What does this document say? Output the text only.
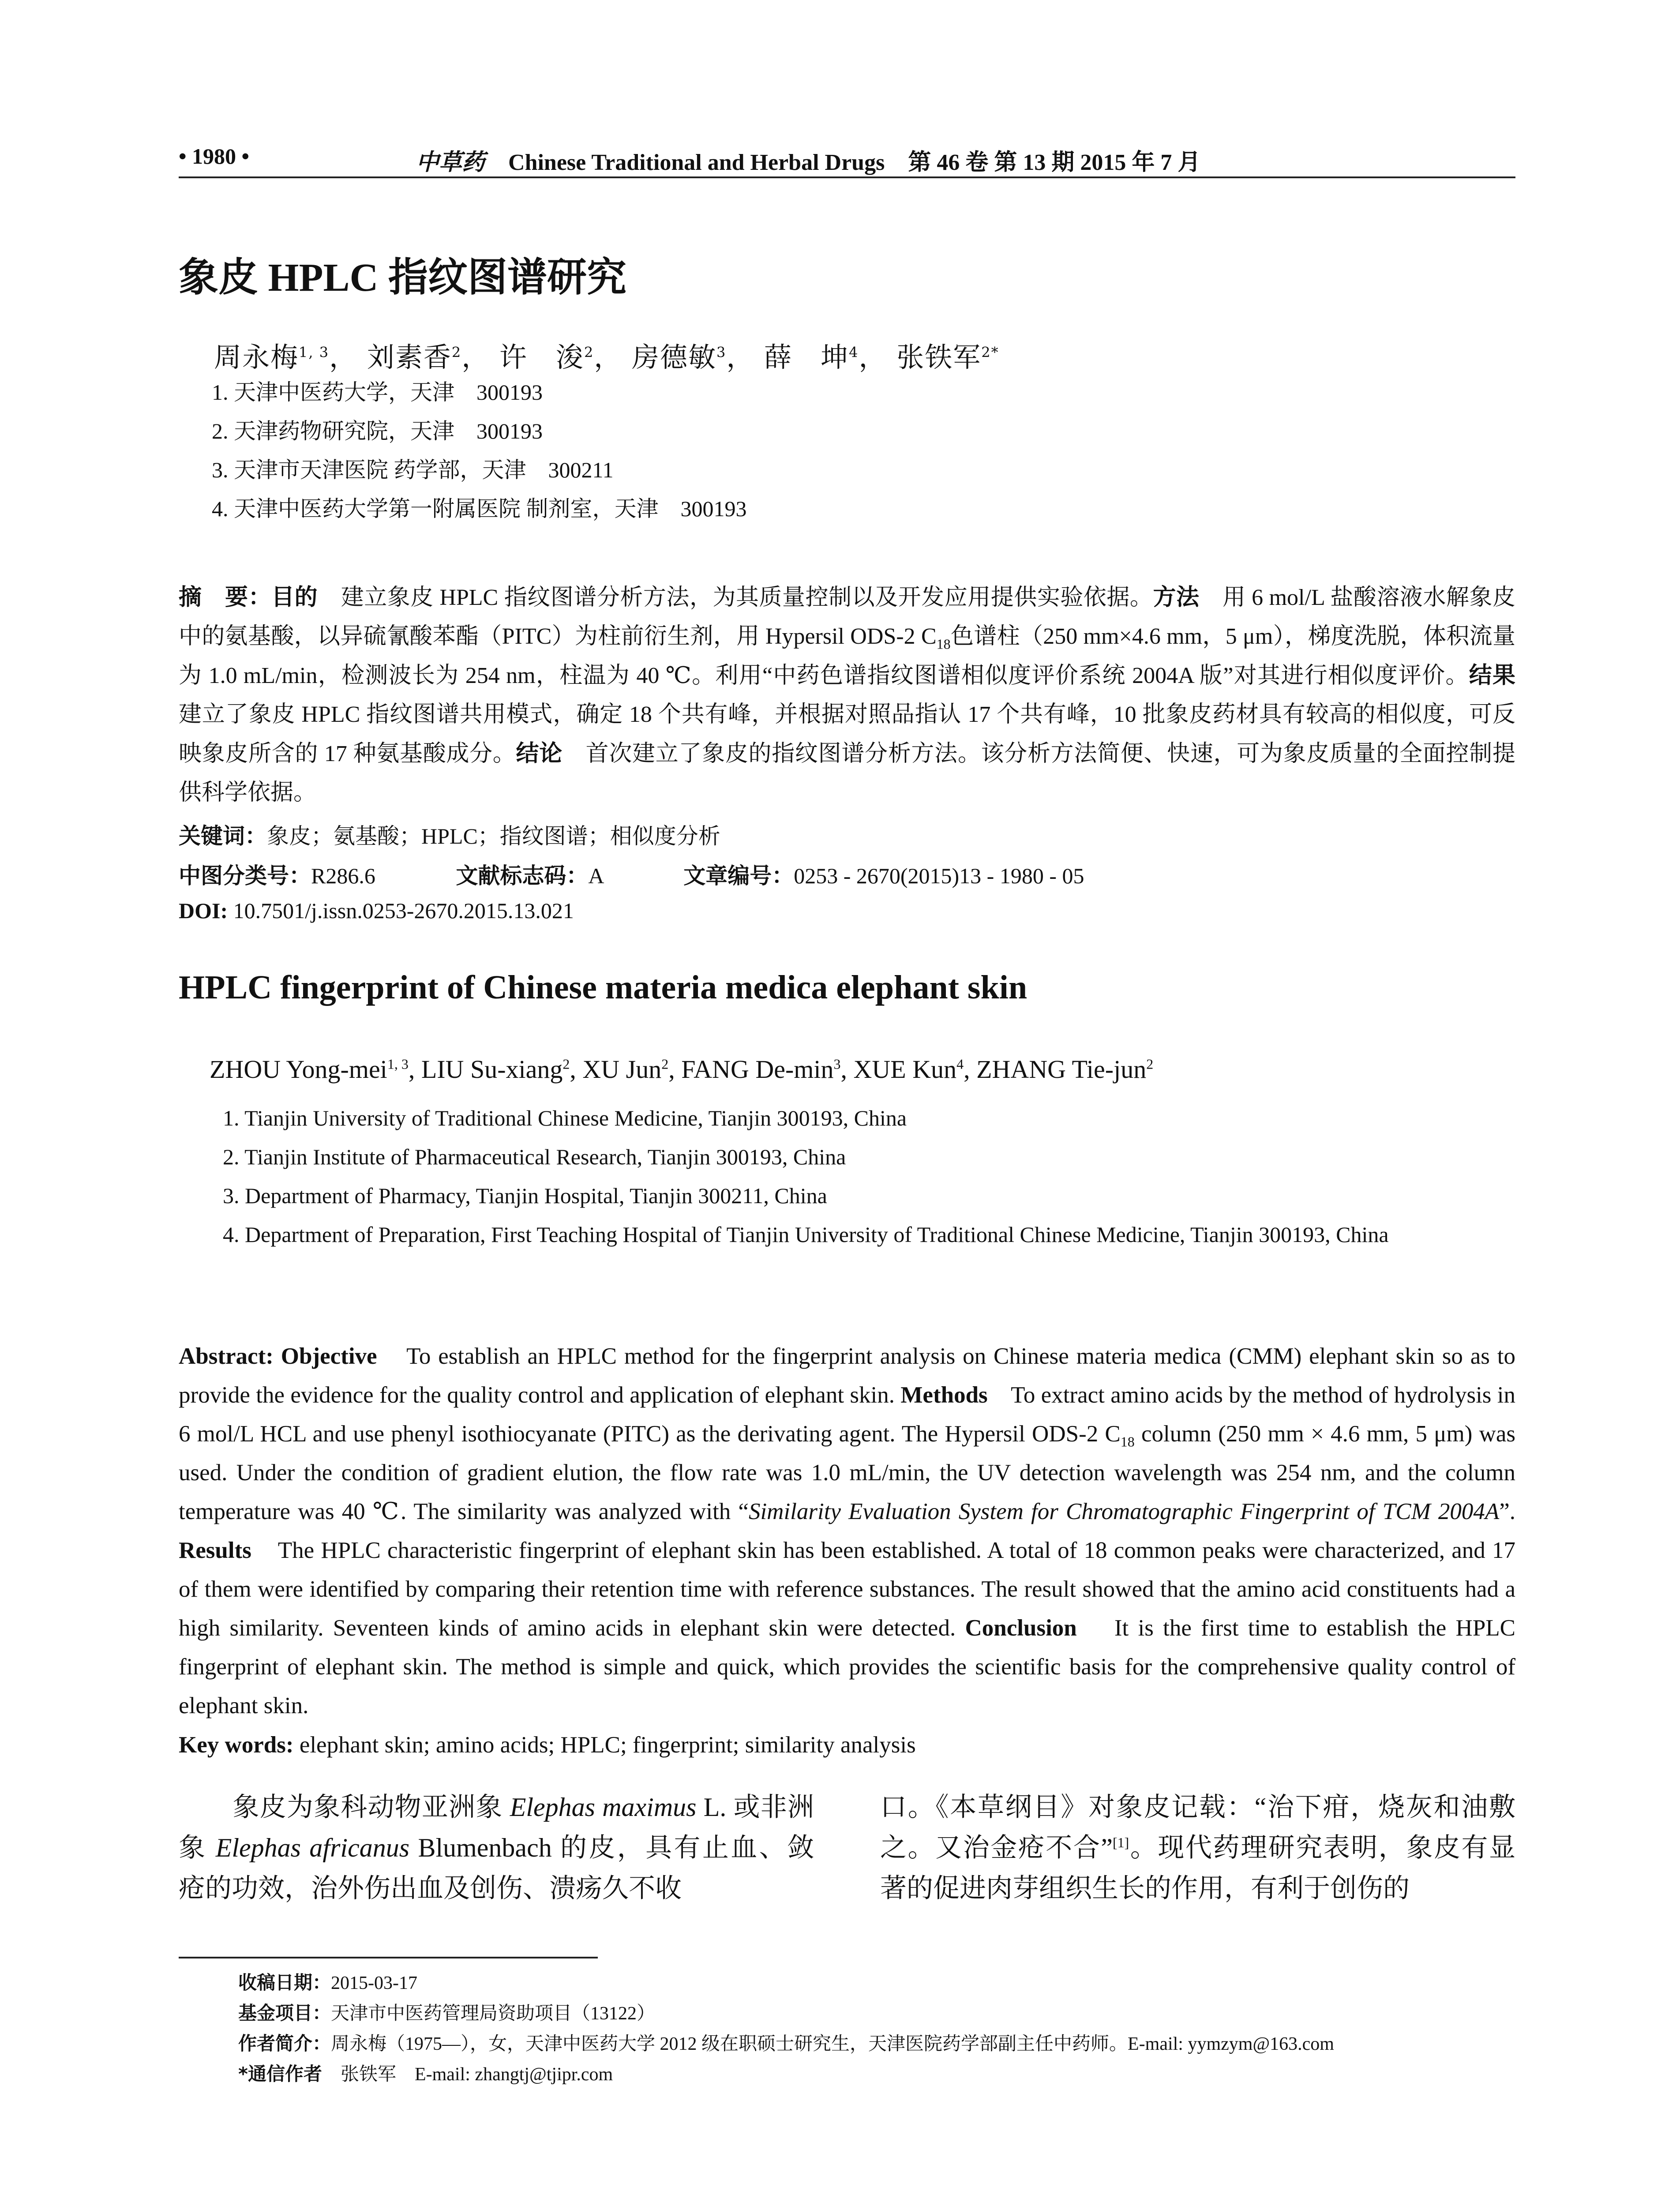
• 1980 •	中草药 Chinese Traditional and Herbal Drugs 第 46 卷 第 13 期 2015 年 7 月
象皮 HPLC 指纹图谱研究
周永梅$^{1, 3}$， 刘素香$^2$， 许　浚$^2$， 房德敏$^3$， 薛　坤$^4$， 张铁军$^{2*}$
1. 天津中医药大学，天津　300193
2. 天津药物研究院，天津　300193
3. 天津市天津医院 药学部，天津　300211
4. 天津中医药大学第一附属医院 制剂室，天津　300193
摘　要：目的　 建立象皮 HPLC 指纹图谱分析方法，为其质量控制以及开发应用提供实验依据。方法　 用 6 mol/L 盐酸溶液水解象皮中的氨基酸，以异硫氰酸苯酯（PITC）为柱前衍生剂，用 Hypersil ODS-2 $C_{18}$色谱柱（250 mm×4.6 mm，5 μm），梯度洗脱，体积流量为 1.0 mL/min，检测波长为 254 nm，柱温为 40 ℃。利用“中药色谱指纹图谱相似度评价系统 2004A 版”对其进行相似度评价。结果　建立了象皮 HPLC 指纹图谱共用模式，确定 18 个共有峰，并根据对照品指认 17 个共有峰，10 批象皮药材具有较高的相似度，可反映象皮所含的 17 种氨基酸成分。结论　 首次建立了象皮的指纹图谱分析方法。该分析方法简便、快速，可为象皮质量的全面控制提供科学依据。
关键词：象皮；氨基酸；HPLC；指纹图谱；相似度分析
中图分类号：R286.6	文献标志码：A	文章编号：0253 - 2670(2015)13 - 1980 - 05
DOI: 10.7501/j.issn.0253-2670.2015.13.021
HPLC fingerprint of Chinese materia medica elephant skin
ZHOU Yong-mei$^{1, 3}$, LIU Su-xiang$^2$, XU Jun$^2$, FANG $De-\min^3$, XUE Kun$^4$, ZHANG Tie-jun$^2$
1. Tianjin University of Traditional Chinese Medicine, Tianjin 300193, China
2. Tianjin Institute of Pharmaceutical Research, Tianjin 300193, China
3. Department of Pharmacy, Tianjin Hospital, Tianjin 300211, China
4. Department of Preparation, First Teaching Hospital of Tianjin University of Traditional Chinese Medicine, Tianjin 300193, China
Abstract: Objective To establish an HPLC method for the fingerprint analysis on Chinese materia medica (CMM) elephant skin so as to provide the evidence for the quality control and application of elephant skin. Methods To extract amino acids by the method of hydrolysis in 6 mol/L HCL and use phenyl isothiocyanate (PITC) as the derivating agent. The Hypersil ODS-2 $C_{18}$ column (250 mm × 4.6 mm, 5 μm) was used. Under the condition of gradient elution, the flow rate was 1.0 mL/min, the UV detection wavelength was 254 nm, and the column temperature was 40 ℃. The similarity was analyzed with “Similarity Evaluation System for Chromatographic Fingerprint of TCM 2004A”. Results The HPLC characteristic fingerprint of elephant skin has been established. A total of 18 common peaks were characterized, and 17 of them were identified by comparing their retention time with reference substances. The result showed that the amino acid constituents had a high similarity. Seventeen kinds of amino acids in elephant skin were detected. Conclusion It is the first time to establish the HPLC fingerprint of elephant skin. The method is simple and quick, which provides the scientific basis for the comprehensive quality control of elephant skin.
Key words: elephant skin; amino acids; HPLC; fingerprint; similarity analysis

　　象皮为象科动物亚洲象 Elephas maximus L. 或非洲象 Elephas africanus Blumenbach 的皮，具有止血、敛疮的功效，治外伤出血及创伤、溃疡久不收

口。《本草纲目》对象皮记载：“治下疳，烧灰和油敷之。又治金疮不合”[1]。现代药理研究表明，象皮有显著的促进肉芽组织生长的作用，有利于创伤的

收稿日期：2015-03-17
基金项目：天津市中医药管理局资助项目（13122）
作者简介：周永梅（1975—），女，天津中医药大学 2012 级在职硕士研究生，天津医院药学部副主任中药师。E-mail: yymzym@163.com
*通信作者　张铁军　E-mail: zhangtj@tjipr.com
